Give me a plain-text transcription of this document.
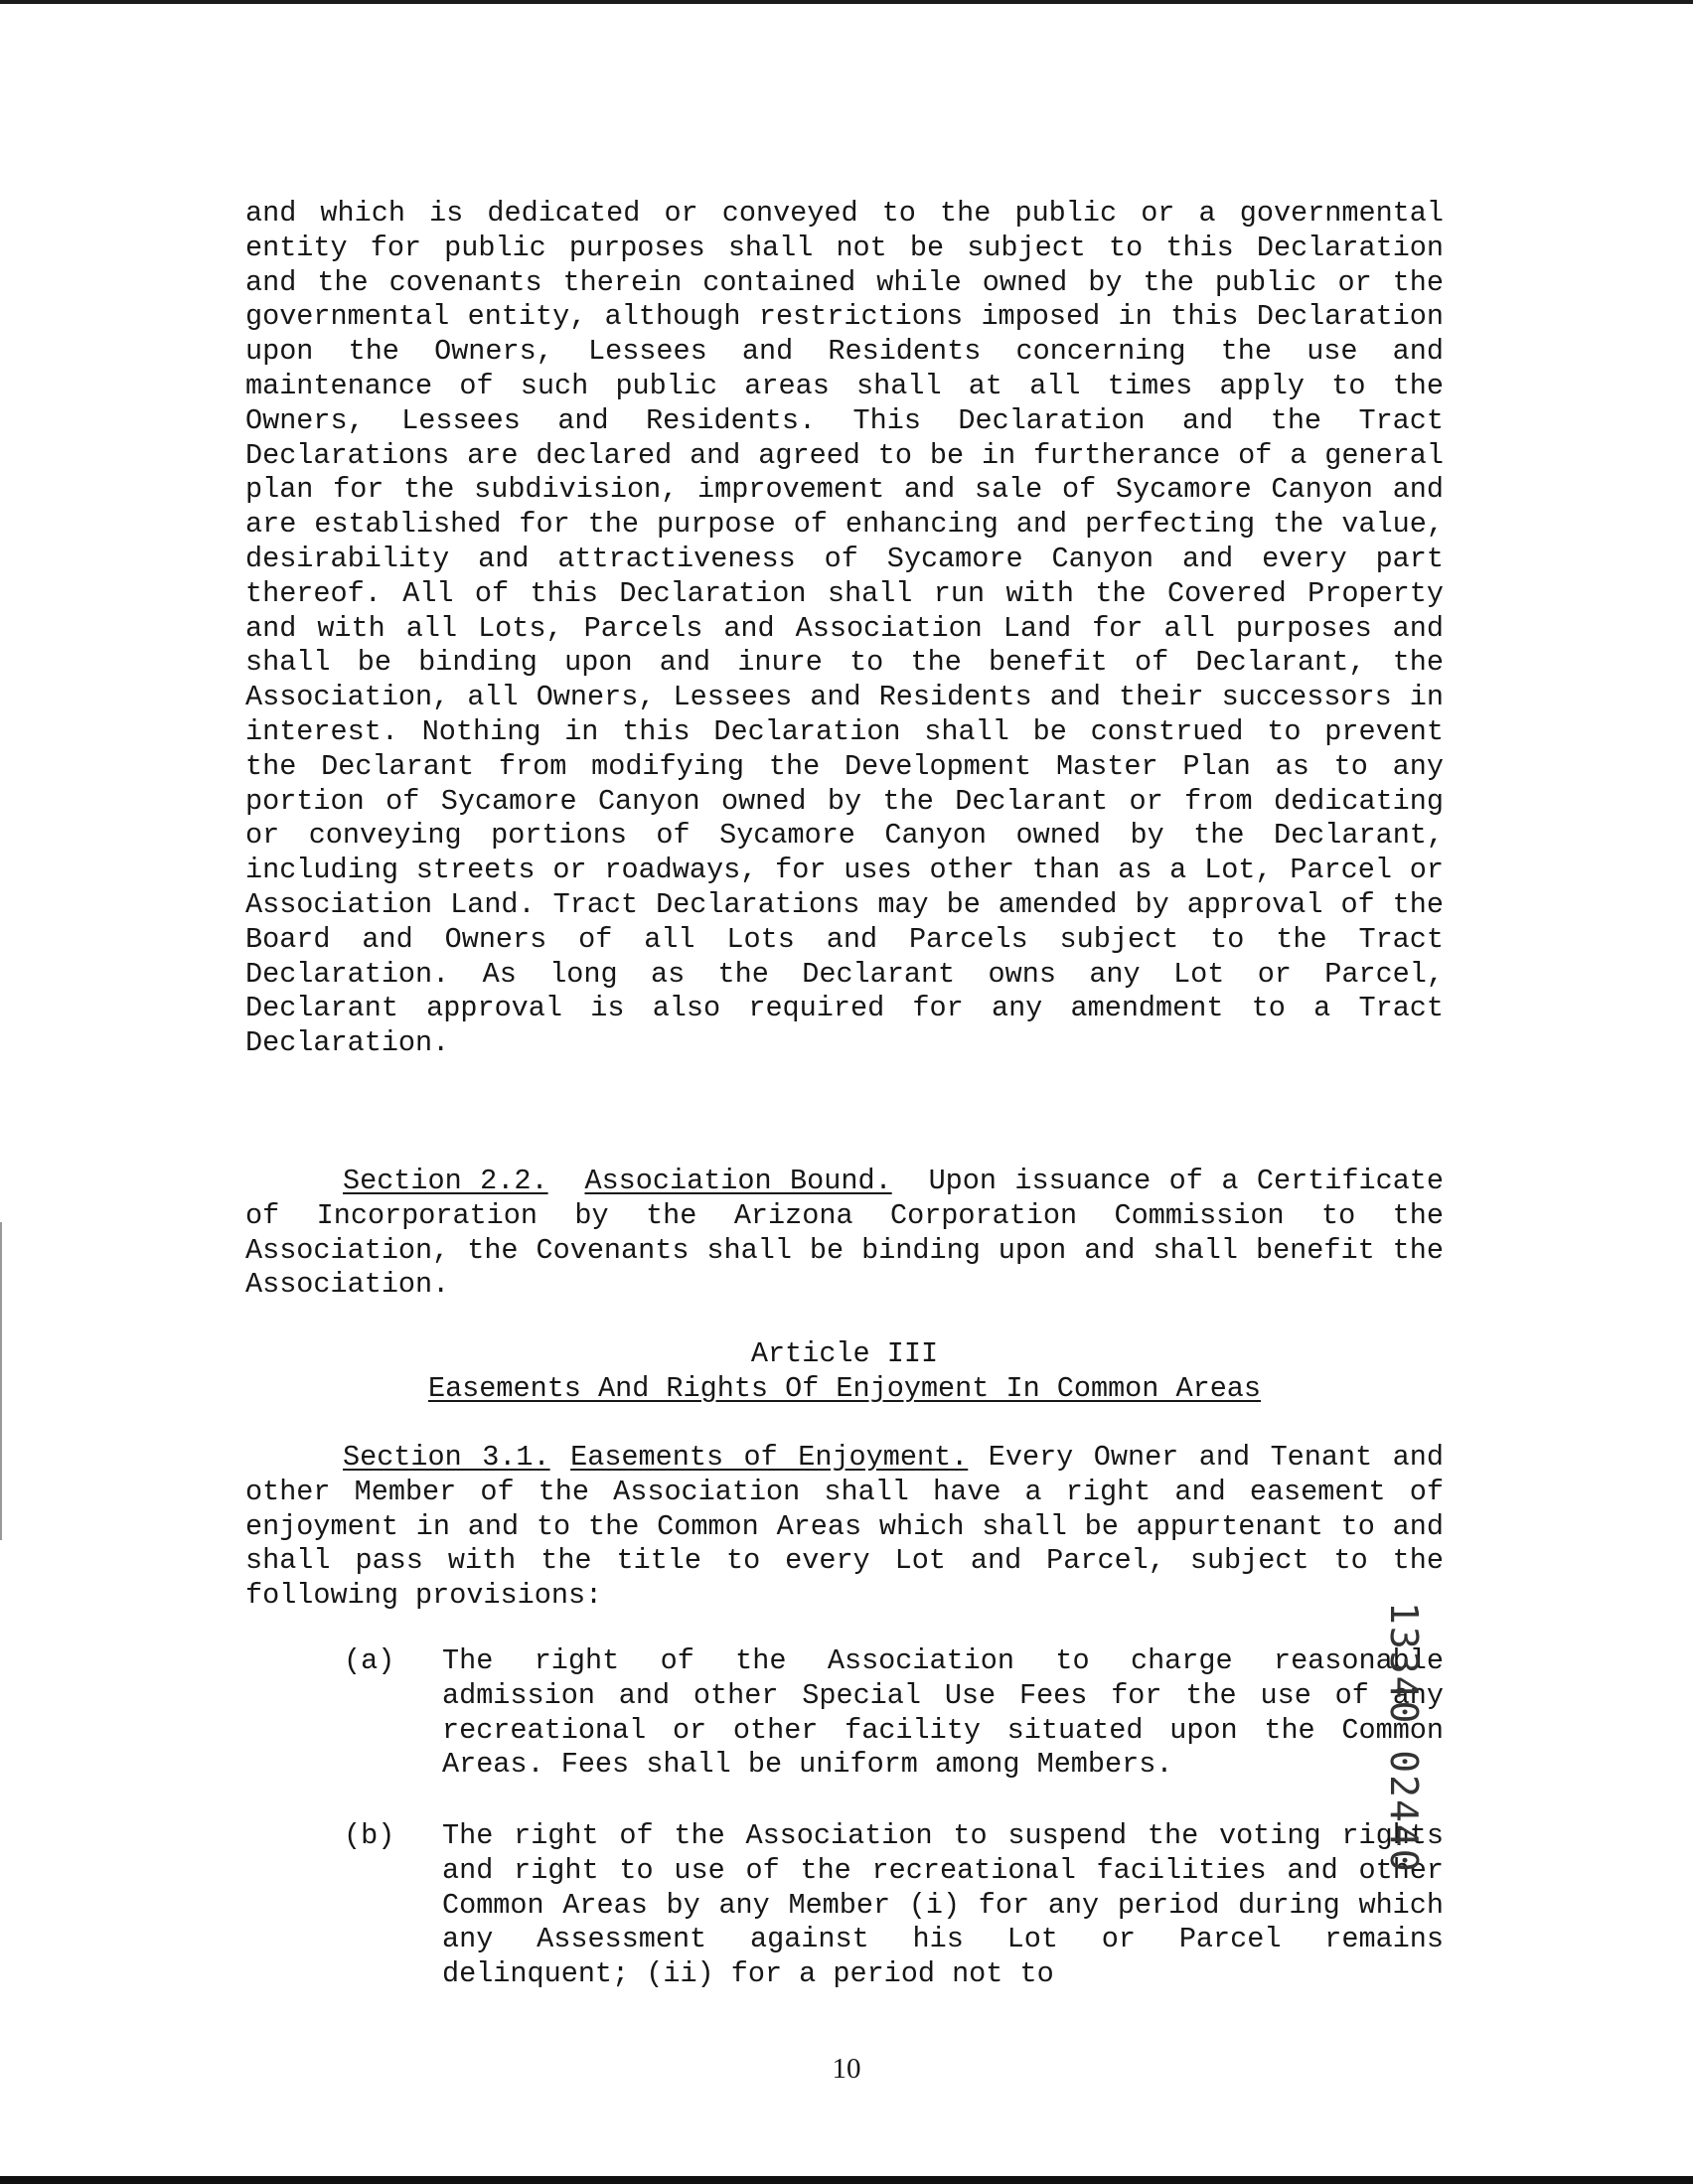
and which is dedicated or conveyed to the public or a governmental entity for public purposes shall not be subject to this Declaration and the covenants therein contained while owned by the public or the governmental entity, although restrictions imposed in this Declaration upon the Owners, Lessees and Residents concerning the use and maintenance of such public areas shall at all times apply to the Owners, Lessees and Residents. This Declaration and the Tract Declarations are declared and agreed to be in furtherance of a general plan for the subdivision, improvement and sale of Sycamore Canyon and are established for the purpose of enhancing and perfecting the value, desirability and attractiveness of Sycamore Canyon and every part thereof. All of this Declaration shall run with the Covered Property and with all Lots, Parcels and Association Land for all purposes and shall be binding upon and inure to the benefit of Declarant, the Association, all Owners, Lessees and Residents and their successors in interest. Nothing in this Declaration shall be construed to prevent the Declarant from modifying the Development Master Plan as to any portion of Sycamore Canyon owned by the Declarant or from dedicating or conveying portions of Sycamore Canyon owned by the Declarant, including streets or roadways, for uses other than as a Lot, Parcel or Association Land. Tract Declarations may be amended by approval of the Board and Owners of all Lots and Parcels subject to the Tract Declaration. As long as the Declarant owns any Lot or Parcel, Declarant approval is also required for any amendment to a Tract Declaration.

Section 2.2. Association Bound. Upon issuance of a Certificate of Incorporation by the Arizona Corporation Commission to the Association, the Covenants shall be binding upon and shall benefit the Association.

Article III

Easements And Rights Of Enjoyment In Common Areas

Section 3.1. Easements of Enjoyment. Every Owner and Tenant and other Member of the Association shall have a right and easement of enjoyment in and to the Common Areas which shall be appurtenant to and shall pass with the title to every Lot and Parcel, subject to the following provisions:

(a)	The right of the Association to charge reasonable admission and other Special Use Fees for the use of any recreational or other facility situated upon the Common Areas. Fees shall be uniform among Members.
(b)	The right of the Association to suspend the voting rights and right to use of the recreational facilities and other Common Areas by any Member (i) for any period during which any Assessment against his Lot or Parcel remains delinquent; (ii) for a period not to
13340 02440
10
